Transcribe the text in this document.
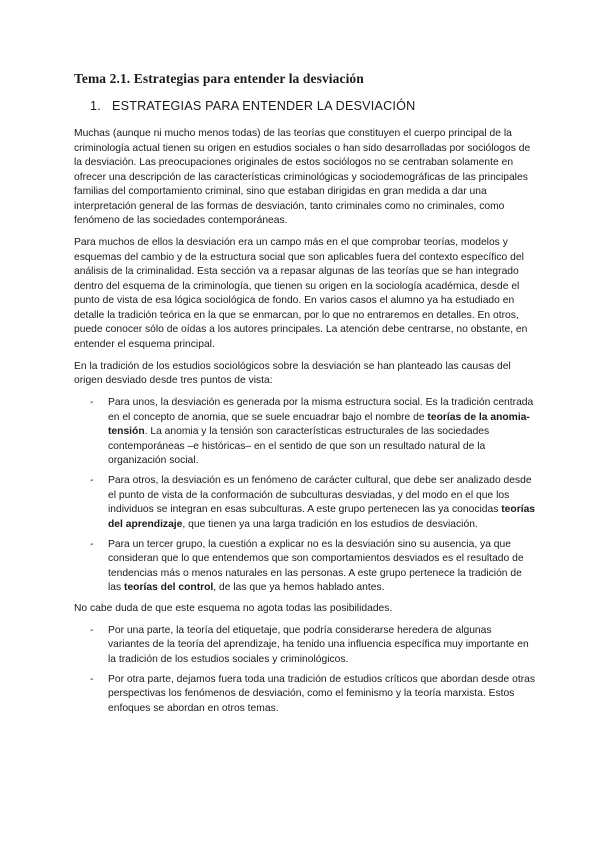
Tema 2.1. Estrategias para entender la desviación
1. ESTRATEGIAS PARA ENTENDER LA DESVIACIÓN

Muchas (aunque ni mucho menos todas) de las teorías que constituyen el cuerpo principal de la criminología actual tienen su origen en estudios sociales o han sido desarrolladas por sociólogos de la desviación. Las preocupaciones originales de estos sociólogos no se centraban solamente en ofrecer una descripción de las características criminológicas y sociodemográficas de las principales familias del comportamiento criminal, sino que estaban dirigidas en gran medida a dar una interpretación general de las formas de desviación, tanto criminales como no criminales, como fenómeno de las sociedades contemporáneas.

Para muchos de ellos la desviación era un campo más en el que comprobar teorías, modelos y esquemas del cambio y de la estructura social que son aplicables fuera del contexto específico del análisis de la criminalidad. Esta sección va a repasar algunas de las teorías que se han integrado dentro del esquema de la criminología, que tienen su origen en la sociología académica, desde el punto de vista de esa lógica sociológica de fondo. En varios casos el alumno ya ha estudiado en detalle la tradición teórica en la que se enmarcan, por lo que no entraremos en detalles. En otros, puede conocer sólo de oídas a los autores principales. La atención debe centrarse, no obstante, en entender el esquema principal.

En la tradición de los estudios sociológicos sobre la desviación se han planteado las causas del origen desviado desde tres puntos de vista:

- Para unos, la desviación es generada por la misma estructura social. Es la tradición centrada en el concepto de anomia, que se suele encuadrar bajo el nombre de teorías de la anomia-tensión. La anomia y la tensión son características estructurales de las sociedades contemporáneas –e históricas– en el sentido de que son un resultado natural de la organización social.
- Para otros, la desviación es un fenómeno de carácter cultural, que debe ser analizado desde el punto de vista de la conformación de subculturas desviadas, y del modo en el que los individuos se integran en esas subculturas. A este grupo pertenecen las ya conocidas teorías del aprendizaje, que tienen ya una larga tradición en los estudios de desviación.
- Para un tercer grupo, la cuestión a explicar no es la desviación sino su ausencia, ya que consideran que lo que entendemos que son comportamientos desviados es el resultado de tendencias más o menos naturales en las personas. A este grupo pertenece la tradición de las teorías del control, de las que ya hemos hablado antes.

No cabe duda de que este esquema no agota todas las posibilidades.

- Por una parte, la teoría del etiquetaje, que podría considerarse heredera de algunas variantes de la teoría del aprendizaje, ha tenido una influencia específica muy importante en la tradición de los estudios sociales y criminológicos.
- Por otra parte, dejamos fuera toda una tradición de estudios críticos que abordan desde otras perspectivas los fenómenos de desviación, como el feminismo y la teoría marxista. Estos enfoques se abordan en otros temas.
